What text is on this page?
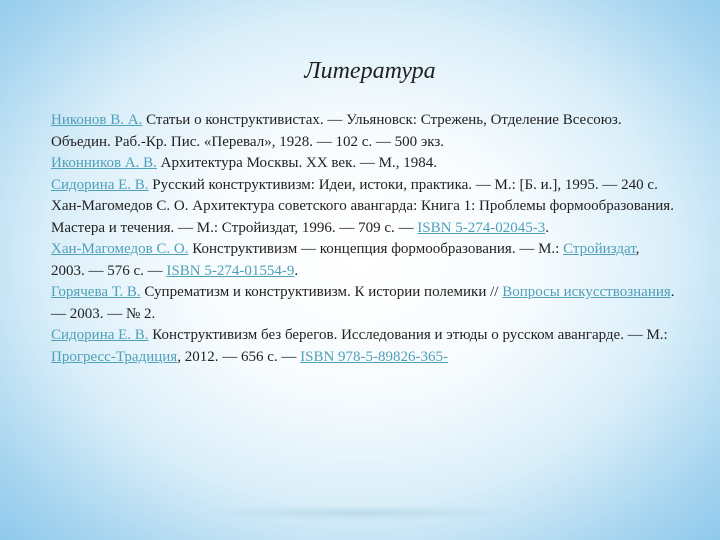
Литература

Никонов В. А. Статьи о конструктивистах. — Ульяновск: Стрежень, Отделение Всесоюз. Объедин. Раб.-Кр. Пис. «Перевал», 1928. — 102 с. — 500 экз.

Иконников А. В. Архитектура Москвы. XX век. — М., 1984.

Сидорина Е. В. Русский конструктивизм: Идеи, истоки, практика. — М.: [Б. и.], 1995. — 240 с.

Хан-Магомедов С. О. Архитектура советского авангарда: Книга 1: Проблемы формообразования. Мастера и течения. — М.: Стройиздат, 1996. — 709 с. — ISBN 5-274-02045-3.

Хан-Магомедов С. О. Конструктивизм — концепция формообразования. — М.: Стройиздат, 2003. — 576 с. — ISBN 5-274-01554-9.

Горячева Т. В. Супрематизм и конструктивизм. К истории полемики // Вопросы искусствознания. — 2003. — № 2.

Сидорина Е. В. Конструктивизм без берегов. Исследования и этюды о русском авангарде. — М.: Прогресс-Традиция, 2012. — 656 с. — ISBN 978-5-89826-365-
